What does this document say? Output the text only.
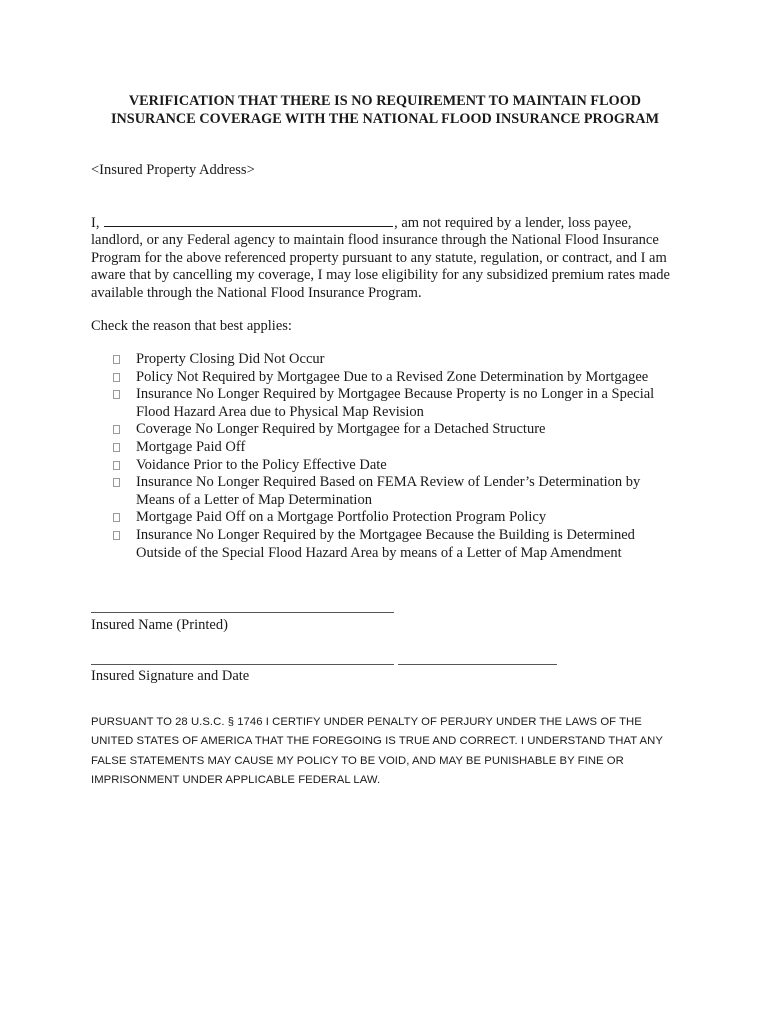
VERIFICATION THAT THERE IS NO REQUIREMENT TO MAINTAIN FLOOD
INSURANCE COVERAGE WITH THE NATIONAL FLOOD INSURANCE PROGRAM
<Insured Property Address>
I,	, am not required by a lender, loss payee,
landlord, or any Federal agency to maintain flood insurance through the National Flood Insurance
Program for the above referenced property pursuant to any statute, regulation, or contract, and I am
aware that by cancelling my coverage, I may lose eligibility for any subsidized premium rates made
available through the National Flood Insurance Program.
Check the reason that best applies:
Property Closing Did Not Occur
Policy Not Required by Mortgagee Due to a Revised Zone Determination by Mortgagee
Insurance No Longer Required by Mortgagee Because Property is no Longer in a Special
Flood Hazard Area due to Physical Map Revision
Coverage No Longer Required by Mortgagee for a Detached Structure
Mortgage Paid Off
Voidance Prior to the Policy Effective Date
Insurance No Longer Required Based on FEMA Review of Lender’s Determination by
Means of a Letter of Map Determination
Mortgage Paid Off on a Mortgage Portfolio Protection Program Policy
Insurance No Longer Required by the Mortgagee Because the Building is Determined
Outside of the Special Flood Hazard Area by means of a Letter of Map Amendment
Insured Name (Printed)
Insured Signature and Date
PURSUANT TO 28 U.S.C. § 1746 I CERTIFY UNDER PENALTY OF PERJURY UNDER THE LAWS OF THE
UNITED STATES OF AMERICA THAT THE FOREGOING IS TRUE AND CORRECT. I UNDERSTAND THAT ANY
FALSE STATEMENTS MAY CAUSE MY POLICY TO BE VOID, AND MAY BE PUNISHABLE BY FINE OR
IMPRISONMENT UNDER APPLICABLE FEDERAL LAW.
